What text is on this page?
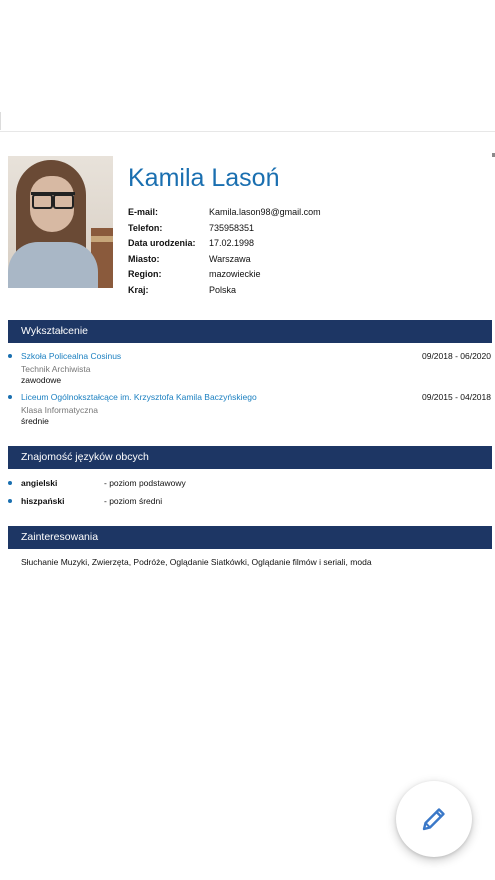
Kamila Lasoń
E-mail:	Kamila.lason98@gmail.com
Telefon:	735958351
Data urodzenia: 17.02.1998
Miasto:	Warszawa
Region:	mazowieckie
Kraj:	Polska
Wykształcenie
Szkoła Policealna Cosinus	09/2018 - 06/2020
Technik Archiwista
zawodowe
Liceum Ogólnokształcące im. Krzysztofa Kamila Baczyńskiego	09/2015 - 04/2018
Klasa Informatyczna
średnie
Znajomość języków obcych
angielski	- poziom podstawowy
hiszpański	- poziom średni
Zainteresowania
Słuchanie Muzyki, Zwierzęta, Podróże, Oglądanie Siatkówki, Oglądanie filmów i seriali, moda
